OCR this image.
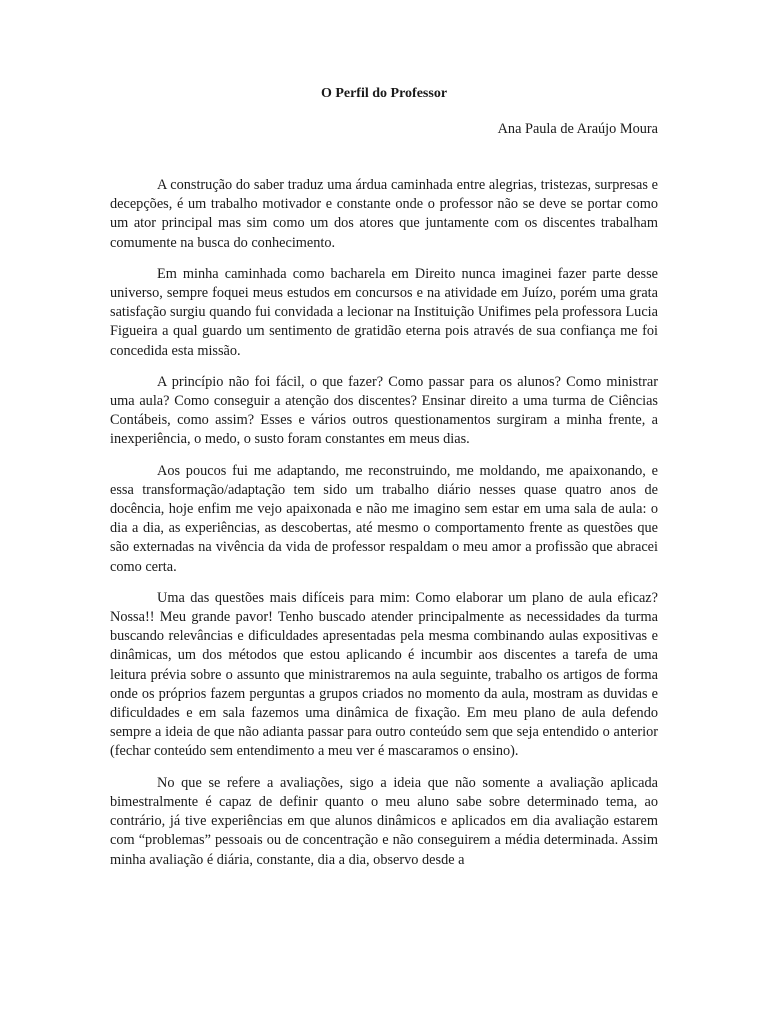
O Perfil do Professor

Ana Paula de Araújo Moura

A construção do saber traduz uma árdua caminhada entre alegrias, tristezas, surpresas e decepções, é um trabalho motivador e constante onde o professor não se deve se portar como um ator principal mas sim como um dos atores que juntamente com os discentes trabalham comumente na busca do conhecimento.

Em minha caminhada como bacharela em Direito nunca imaginei fazer parte desse universo, sempre foquei meus estudos em concursos e na atividade em Juízo, porém uma grata satisfação surgiu quando fui convidada a lecionar na Instituição Unifimes pela professora Lucia Figueira a qual guardo um sentimento de gratidão eterna pois através de sua confiança me foi concedida esta missão.

A princípio não foi fácil, o que fazer? Como passar para os alunos? Como ministrar uma aula? Como conseguir a atenção dos discentes? Ensinar direito a uma turma de Ciências Contábeis, como assim? Esses e vários outros questionamentos surgiram a minha frente, a inexperiência, o medo, o susto foram constantes em meus dias.

Aos poucos fui me adaptando, me reconstruindo, me moldando, me apaixonando, e essa transformação/adaptação tem sido um trabalho diário nesses quase quatro anos de docência, hoje enfim me vejo apaixonada e não me imagino sem estar em uma sala de aula: o dia a dia, as experiências, as descobertas, até mesmo o comportamento frente as questões que são externadas na vivência da vida de professor respaldam o meu amor a profissão que abracei como certa.

Uma das questões mais difíceis para mim: Como elaborar um plano de aula eficaz? Nossa!! Meu grande pavor! Tenho buscado atender principalmente as necessidades da turma buscando relevâncias e dificuldades apresentadas pela mesma combinando aulas expositivas e dinâmicas, um dos métodos que estou aplicando é incumbir aos discentes a tarefa de uma leitura prévia sobre o assunto que ministraremos na aula seguinte, trabalho os artigos de forma onde os próprios fazem perguntas a grupos criados no momento da aula, mostram as duvidas e dificuldades e em sala fazemos uma dinâmica de fixação. Em meu plano de aula defendo sempre a ideia de que não adianta passar para outro conteúdo sem que seja entendido o anterior (fechar conteúdo sem entendimento a meu ver é mascaramos o ensino).

No que se refere a avaliações, sigo a ideia que não somente a avaliação aplicada bimestralmente é capaz de definir quanto o meu aluno sabe sobre determinado tema, ao contrário, já tive experiências em que alunos dinâmicos e aplicados em dia avaliação estarem com “problemas” pessoais ou de concentração e não conseguirem a média determinada. Assim minha avaliação é diária, constante, dia a dia, observo desde a
